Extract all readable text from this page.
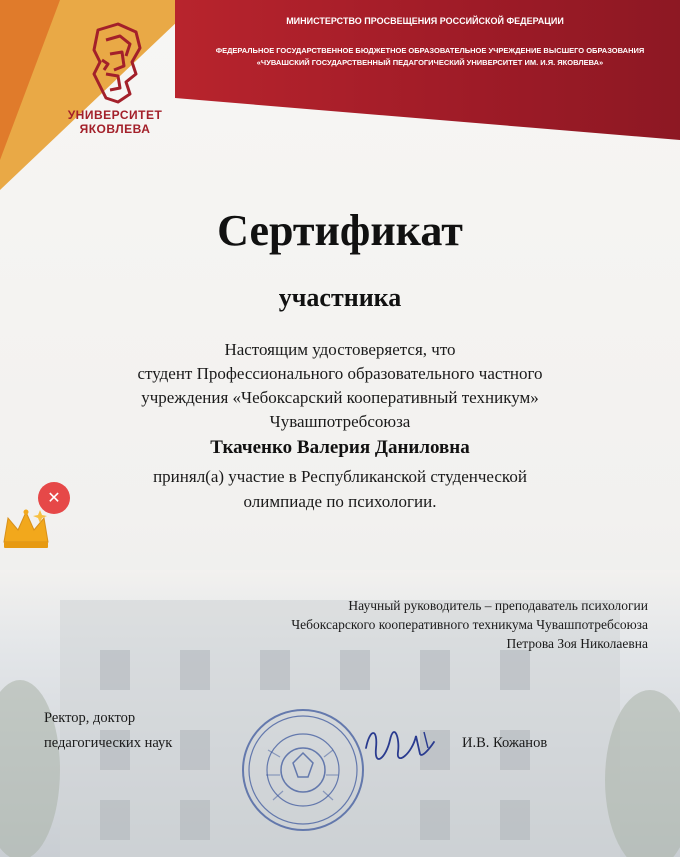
УНИВЕРСИТЕТ
ЯКОВЛЕВА
МИНИСТЕРСТВО ПРОСВЕЩЕНИЯ РОССИЙСКОЙ ФЕДЕРАЦИИ
ФЕДЕРАЛЬНОЕ ГОСУДАРСТВЕННОЕ БЮДЖЕТНОЕ ОБРАЗОВАТЕЛЬНОЕ УЧРЕЖДЕНИЕ ВЫСШЕГО ОБРАЗОВАНИЯ
«ЧУВАШСКИЙ ГОСУДАРСТВЕННЫЙ ПЕДАГОГИЧЕСКИЙ УНИВЕРСИТЕТ ИМ. И.Я. ЯКОВЛЕВА»
Сертификат
участника
Настоящим удостоверяется, что
студент Профессионального образовательного частного
учреждения «Чебоксарский кооперативный техникум»
Чувашпотребсоюза
Ткаченко Валерия Даниловна
принял(а) участие в Республиканской студенческой
олимпиаде по психологии.
Научный руководитель – преподаватель психологии
Чебоксарского кооперативного техникума Чувашпотребсоюза
Петрова Зоя Николаевна
Ректор, доктор
педагогических наук	И.В. Кожанов
✕
